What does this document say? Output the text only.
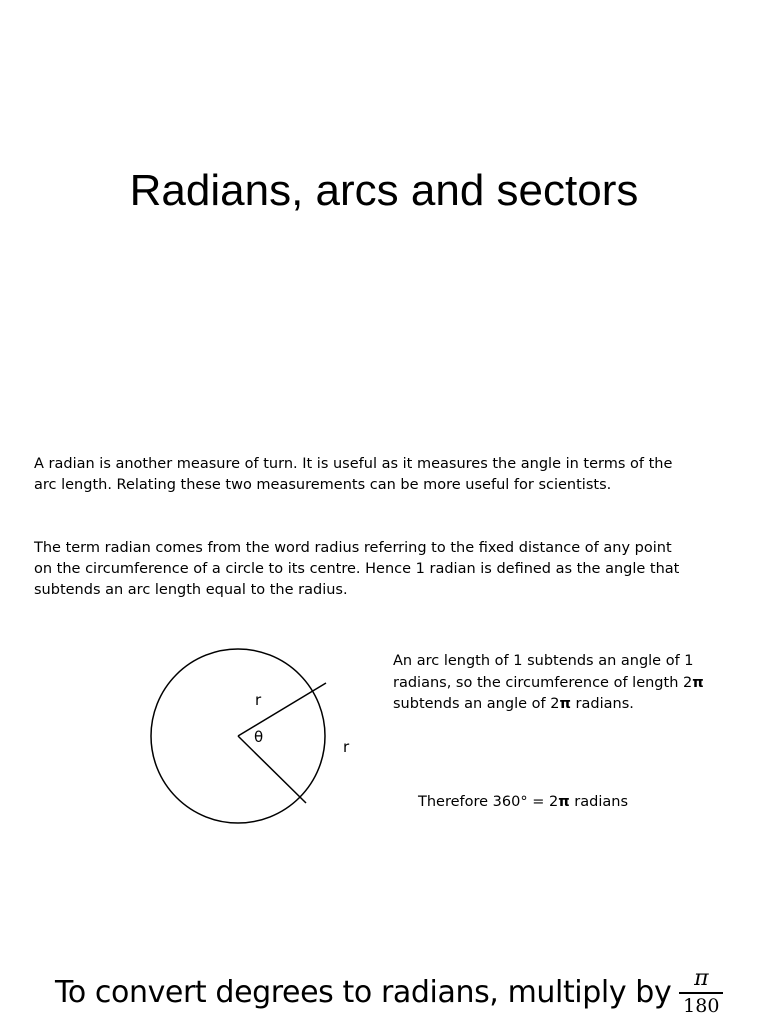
Radians, arcs and sectors

A radian is another measure of turn. It is useful as it measures the angle in terms of the arc length. Relating these two measurements can be more useful for scientists.

The term radian comes from the word radius referring to the fixed distance of any point on the circumference of a circle to its centre. Hence 1 radian is defined as the angle that subtends an arc length equal to the radius.

r
θ
r

An arc length of 1 subtends an angle of 1 radians, so the circumference of length 2π subtends an angle of 2π radians.

Therefore 360° = 2π radians
To convert degrees to radians, multiply by $\frac{\pi}{180}$
